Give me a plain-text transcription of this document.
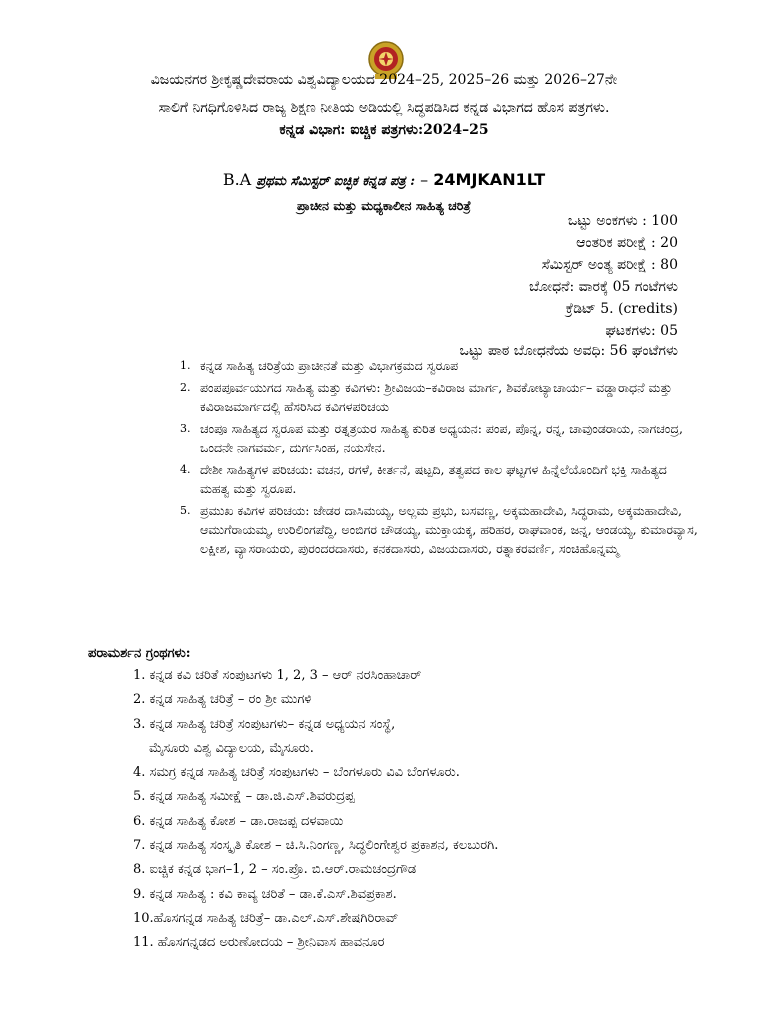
ವಿಜಯನಗರ ಶ್ರೀಕೃಷ್ಣದೇವರಾಯ ವಿಶ್ವವಿದ್ಯಾಲಯದ 2024–25, 2025–26 ಮತ್ತು 2026–27ನೇ
ಸಾಲಿಗೆ ನಿಗಧಿಗೊಳಿಸಿದ ರಾಜ್ಯ ಶಿಕ್ಷಣ ನೀತಿಯ ಅಡಿಯಲ್ಲಿ ಸಿದ್ಧಪಡಿಸಿದ ಕನ್ನಡ ವಿಭಾಗದ ಹೊಸ ಪತ್ರಗಳು.
ಕನ್ನಡ ವಿಭಾಗ: ಐಚ್ಚಿಕ ಪತ್ರಗಳು:2024–25
B.A ಪ್ರಥಮ ಸೆಮಿಸ್ಟರ್ ಐಚ್ಛಿಕ ಕನ್ನಡ ಪತ್ರ : – 24MJKAN1LT
ಪ್ರಾಚೀನ ಮತ್ತು ಮಧ್ಯಕಾಲೀನ ಸಾಹಿತ್ಯ ಚರಿತ್ರೆ
ಒಟ್ಟು ಅಂಕಗಳು : 100
ಆಂತರಿಕ ಪರೀಕ್ಷೆ : 20
ಸೆಮಿಸ್ಟರ್ ಅಂತ್ಯ ಪರೀಕ್ಷೆ : 80
ಬೋಧನೆ: ವಾರಕ್ಕೆ 05 ಗಂಟೆಗಳು
ಕ್ರೆಡಿಟ್ 5. (credits)
ಘಟಕಗಳು: 05
ಒಟ್ಟು ಪಾಠ ಬೋಧನೆಯ ಅವಧಿ: 56 ಘಂಟೆಗಳು
1. ಕನ್ನಡ ಸಾಹಿತ್ಯ ಚರಿತ್ರೆಯ ಪ್ರಾಚೀನತೆ ಮತ್ತು ವಿಭಾಗಕ್ರಮದ ಸ್ವರೂಪ
2. ಪಂಪಪೂರ್ವಯುಗದ ಸಾಹಿತ್ಯ ಮತ್ತು ಕವಿಗಳು: ಶ್ರೀವಿಜಯ–ಕವಿರಾಜ ಮಾರ್ಗ, ಶಿವಕೋಟ್ಯಾಚಾರ್ಯ– ವಡ್ಡಾರಾಧನೆ ಮತ್ತು ಕವಿರಾಜಮಾರ್ಗದಲ್ಲಿ ಹೆಸರಿಸಿದ ಕವಿಗಳಪರಿಚಯ
3. ಚಂಪೂ ಸಾಹಿತ್ಯದ ಸ್ವರೂಪ ಮತ್ತು ರತ್ನತ್ರಯರ ಸಾಹಿತ್ಯ ಕುರಿತ ಅಧ್ಯಯನ: ಪಂಪ, ಪೊನ್ನ, ರನ್ನ, ಚಾವುಂಡರಾಯ, ನಾಗಚಂದ್ರ, ಒಂದನೇ ನಾಗವರ್ಮ, ದುರ್ಗಸಿಂಹ, ನಯಸೇನ.
4. ದೇಶೀ ಸಾಹಿತ್ಯಗಳ ಪರಿಚಯ: ವಚನ, ರಗಳೆ, ಕೀರ್ತನೆ, ಷಟ್ಪದಿ, ತತ್ವಪದ ಕಾಲ ಘಟ್ಟಗಳ ಹಿನ್ನೆಲೆಯೊಂದಿಗೆ ಭಕ್ತಿ ಸಾಹಿತ್ಯದ ಮಹತ್ವ ಮತ್ತು ಸ್ವರೂಪ.
5. ಪ್ರಮುಖ ಕವಿಗಳ ಪರಿಚಯ: ಜೇಡರ ದಾಸಿಮಯ್ಯ, ಅಲ್ಲಮ ಪ್ರಭು, ಬಸವಣ್ಣ, ಅಕ್ಕಮಹಾದೇವಿ, ಸಿದ್ಧರಾಮ, ಅಕ್ಕಮಹಾದೇವಿ, ಆಮುಗೆರಾಯಮ್ಮ, ಉರಿಲಿಂಗಪೆದ್ದಿ, ಅಂಬಿಗರ ಚೌಡಯ್ಯ, ಮುಕ್ತಾಯಕ್ಕ, ಹರಿಹರ, ರಾಘವಾಂಕ, ಜನ್ನ, ಆಂಡಯ್ಯ, ಕುಮಾರವ್ಯಾಸ, ಲಕ್ಷೀಶ, ವ್ಯಾಸರಾಯರು, ಪುರಂದರದಾಸರು, ಕನಕದಾಸರು, ವಿಜಯದಾಸರು, ರತ್ನಾಕರವರ್ಣಿ, ಸಂಚಿಹೊನ್ನಮ್ಮ
ಪರಾಮರ್ಶನ ಗ್ರಂಥಗಳು:
1. ಕನ್ನಡ ಕವಿ ಚರಿತೆ ಸಂಪುಟಗಳು 1, 2, 3 – ಆರ್ ನರಸಿಂಹಾಚಾರ್
2. ಕನ್ನಡ ಸಾಹಿತ್ಯ ಚರಿತ್ರೆ – ರಂ ಶ್ರೀ ಮುಗಳಿ
3. ಕನ್ನಡ ಸಾಹಿತ್ಯ ಚರಿತ್ರೆ ಸಂಪುಟಗಳು– ಕನ್ನಡ ಅಧ್ಯಯನ ಸಂಸ್ಥೆ,
ಮೈಸೂರು ವಿಶ್ವ ವಿದ್ಯಾಲಯ, ಮೈಸೂರು.
4. ಸಮಗ್ರ ಕನ್ನಡ ಸಾಹಿತ್ಯ ಚರಿತ್ರೆ ಸಂಪುಟಗಳು – ಬೆಂಗಳೂರು ವಿವಿ ಬೆಂಗಳೂರು.
5. ಕನ್ನಡ ಸಾಹಿತ್ಯ ಸಮೀಕ್ಷೆ – ಡಾ.ಜಿ.ಎಸ್.ಶಿವರುದ್ರಪ್ಪ
6. ಕನ್ನಡ ಸಾಹಿತ್ಯ ಕೋಶ – ಡಾ.ರಾಜಪ್ಪ ದಳವಾಯಿ
7. ಕನ್ನಡ ಸಾಹಿತ್ಯ ಸಂಸ್ಕೃತಿ ಕೋಶ – ಚಿ.ಸಿ.ನಿಂಗಣ್ಣ, ಸಿದ್ಧಲಿಂಗೇಶ್ವರ ಪ್ರಕಾಶನ, ಕಲಬುರಗಿ.
8. ಐಚ್ಚಿಕ ಕನ್ನಡ ಭಾಗ–1, 2 – ಸಂ.ಪ್ರೊ. ಬಿ.ಆರ್.ರಾಮಚಂದ್ರಗೌಡ
9. ಕನ್ನಡ ಸಾಹಿತ್ಯ : ಕವಿ ಕಾವ್ಯ ಚರಿತೆ – ಡಾ.ಕೆ.ಎಸ್.ಶಿವಪ್ರಕಾಶ.
10.ಹೊಸಗನ್ನಡ ಸಾಹಿತ್ಯ ಚರಿತ್ರೆ– ಡಾ.ಎಲ್.ಎಸ್.ಶೇಷಗಿರಿರಾವ್
11. ಹೊಸಗನ್ನಡದ ಅರುಣೋದಯ – ಶ್ರೀನಿವಾಸ ಹಾವನೂರ
